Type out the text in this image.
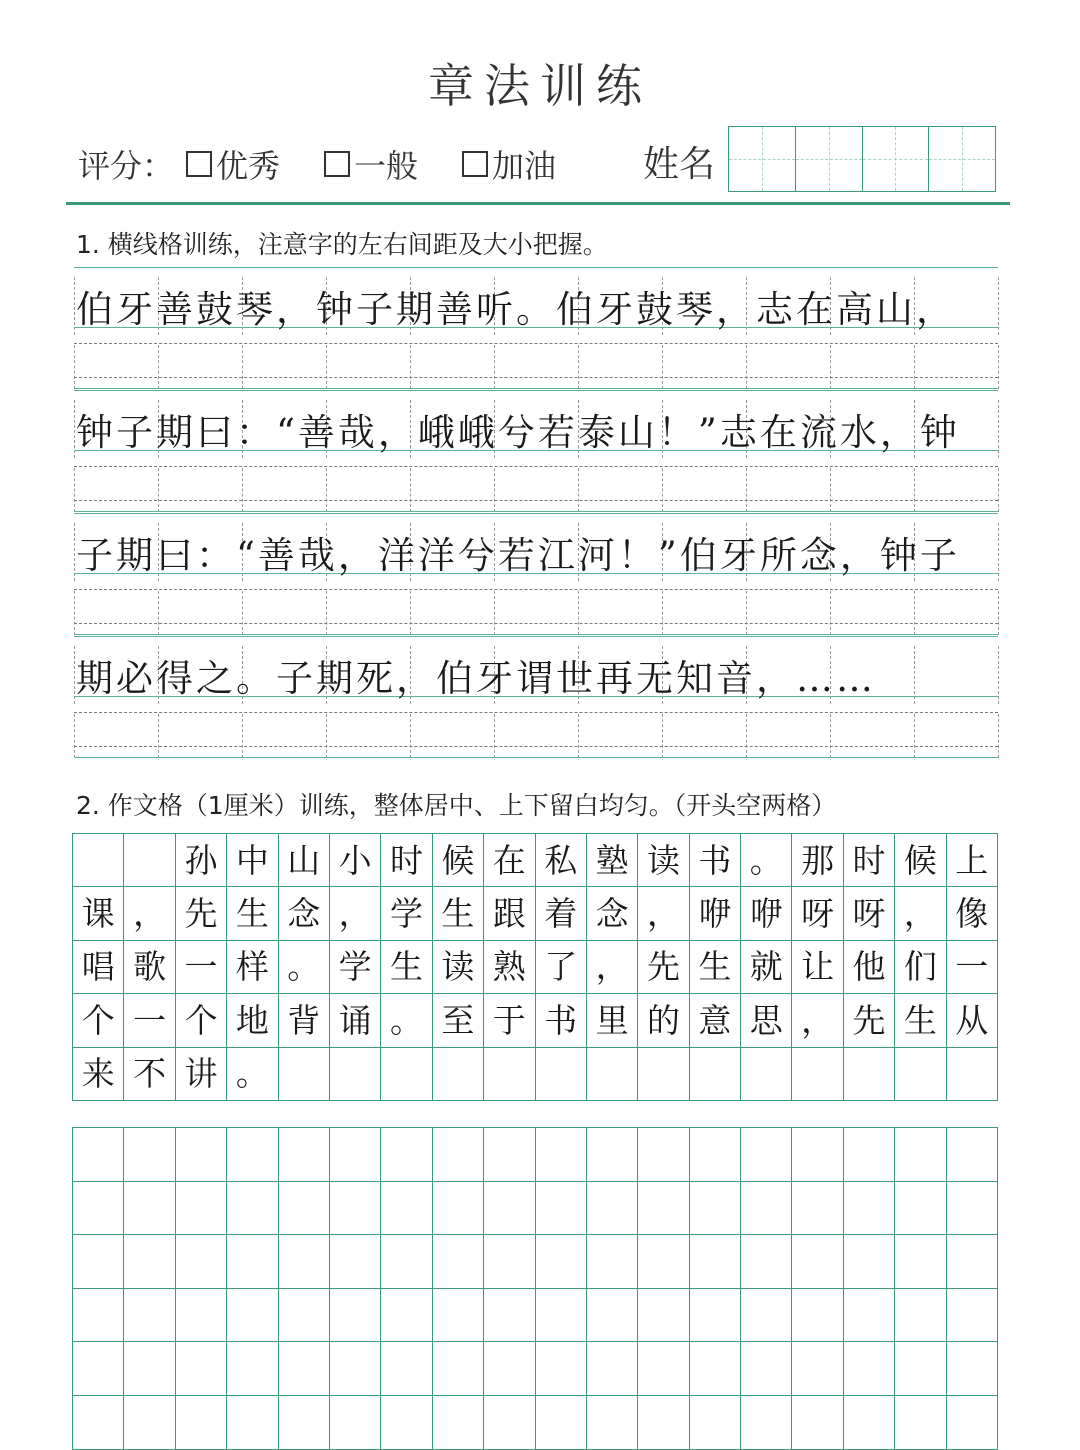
章法训练
评分： 优秀 一般 加油 姓名
1. 横线格训练，注意字的左右间距及大小把握。
伯牙善鼓琴，钟子期善听。伯牙鼓琴，志在高山，
钟子期曰：“善哉，峨峨兮若泰山！”志在流水，钟
子期曰：“善哉，洋洋兮若江河！”伯牙所念，钟子
期必得之。子期死，伯牙谓世再无知音，……
2. 作文格（1厘米）训练，整体居中、上下留白均匀。（开头空两格）
孙 中 山 小 时 候 在 私 塾 读 书 。 那 时 候 上
课 ， 先 生 念 ， 学 生 跟 着 念 ， 咿 咿 呀 呀 ， 像
唱 歌 一 样 。 学 生 读 熟 了 ， 先 生 就 让 他 们 一
个 一 个 地 背 诵 。 至 于 书 里 的 意 思 ， 先 生 从
来 不 讲 。
